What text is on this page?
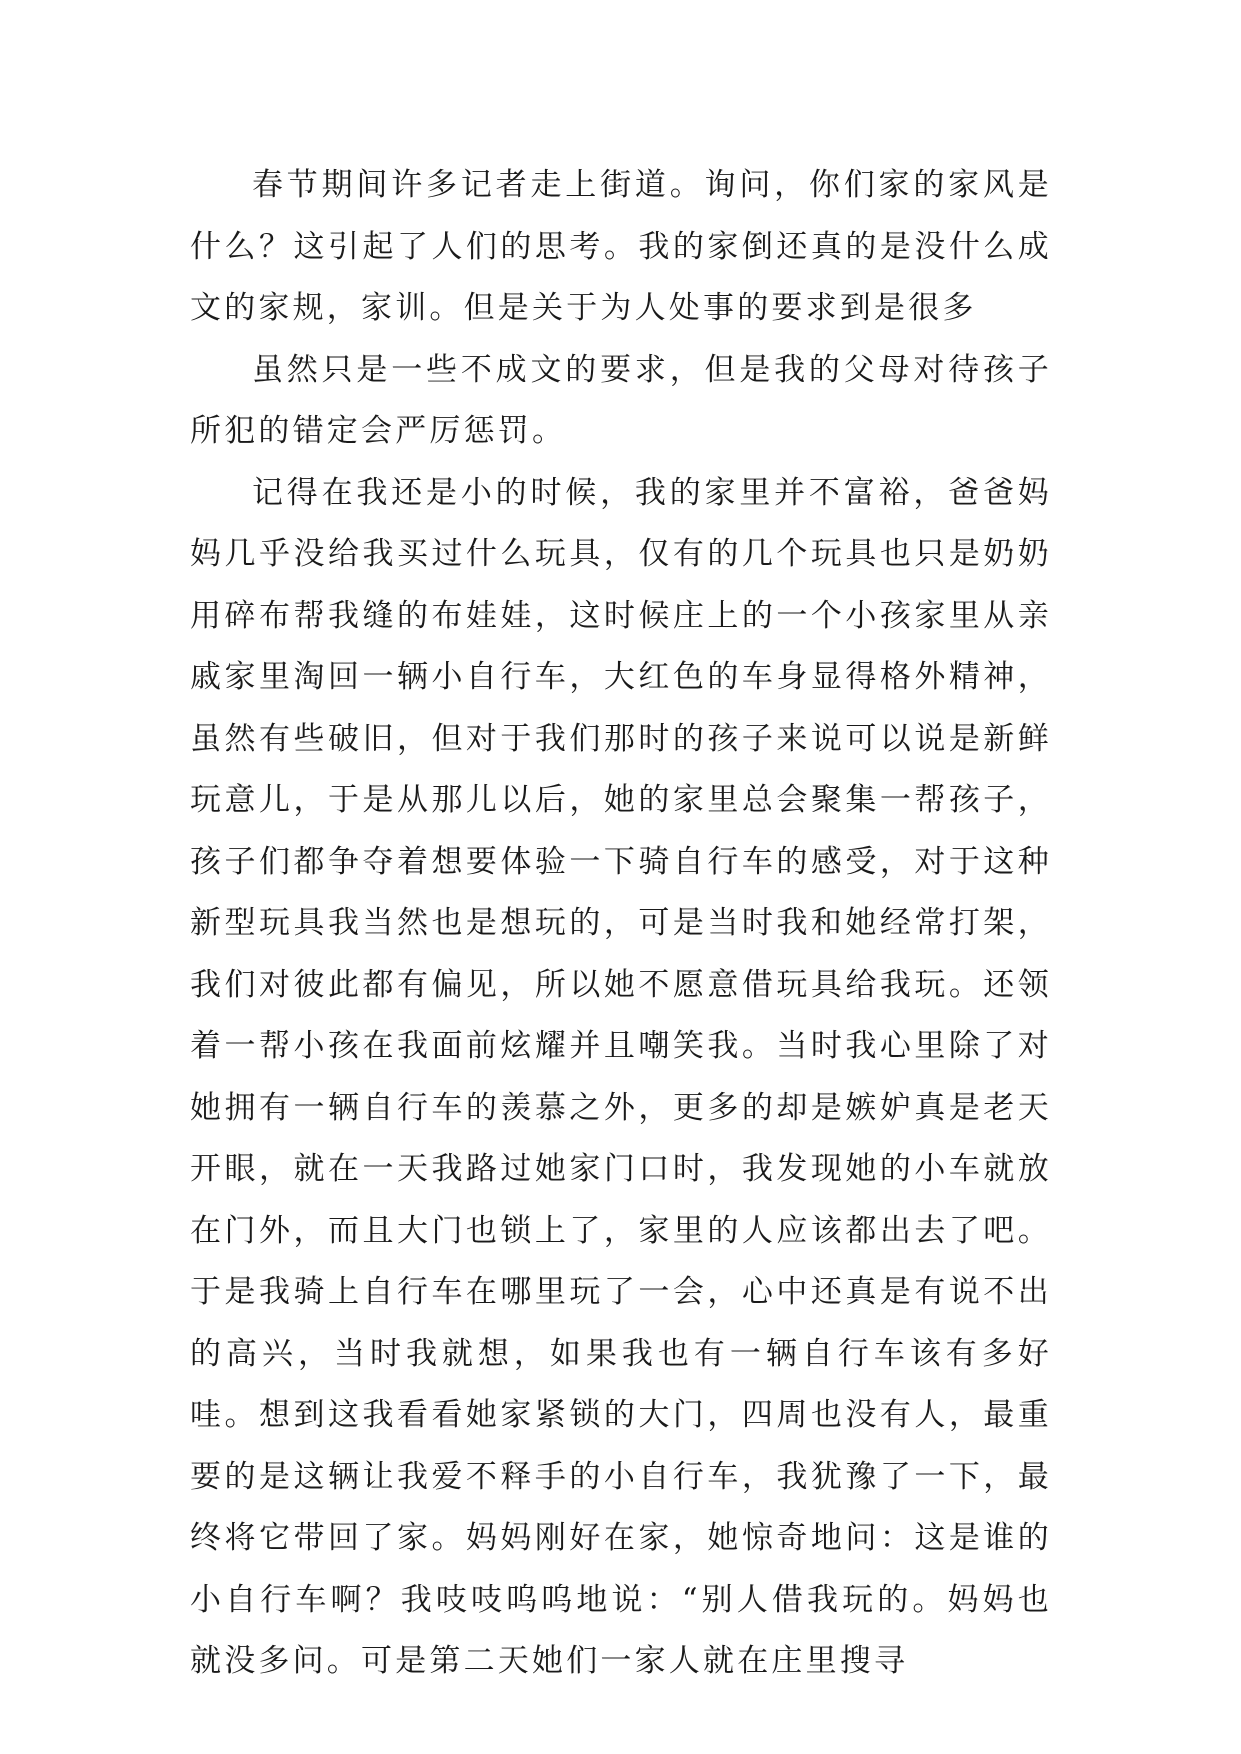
春节期间许多记者走上街道。询问，你们家的家风是什么？这引起了人们的思考。我的家倒还真的是没什么成文的家规，家训。但是关于为人处事的要求到是很多

虽然只是一些不成文的要求，但是我的父母对待孩子所犯的错定会严厉惩罚。

记得在我还是小的时候，我的家里并不富裕，爸爸妈妈几乎没给我买过什么玩具，仅有的几个玩具也只是奶奶用碎布帮我缝的布娃娃，这时候庄上的一个小孩家里从亲戚家里淘回一辆小自行车，大红色的车身显得格外精神，虽然有些破旧，但对于我们那时的孩子来说可以说是新鲜玩意儿，于是从那儿以后，她的家里总会聚集一帮孩子，孩子们都争夺着想要体验一下骑自行车的感受，对于这种新型玩具我当然也是想玩的，可是当时我和她经常打架，我们对彼此都有偏见，所以她不愿意借玩具给我玩。还领着一帮小孩在我面前炫耀并且嘲笑我。当时我心里除了对她拥有一辆自行车的羡慕之外，更多的却是嫉妒真是老天开眼，就在一天我路过她家门口时，我发现她的小车就放在门外，而且大门也锁上了，家里的人应该都出去了吧。于是我骑上自行车在哪里玩了一会，心中还真是有说不出的高兴，当时我就想，如果我也有一辆自行车该有多好哇。想到这我看看她家紧锁的大门，四周也没有人，最重要的是这辆让我爱不释手的小自行车，我犹豫了一下，最终将它带回了家。妈妈刚好在家，她惊奇地问：这是谁的小自行车啊？我吱吱呜呜地说：“别人借我玩的。妈妈也就没多问。可是第二天她们一家人就在庄里搜寻
